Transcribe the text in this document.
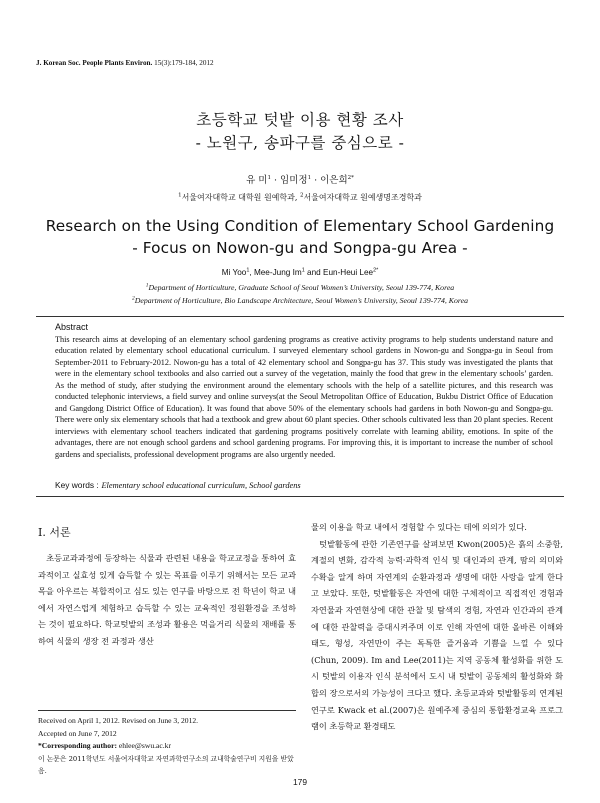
J. Korean Soc. People Plants Environ. 15(3):179-184, 2012
초등학교 텃밭 이용 현황 조사
- 노원구, 송파구를 중심으로 -
유 미$^1$ · 임미정$^1$ · 이은희$^{2*}$
$^1$서울여자대학교 대학원 원예학과, $^2$서울여자대학교 원예생명조경학과
Research on the Using Condition of Elementary School Gardening
- Focus on Nowon-gu and Songpa-gu Area -
Mi Yoo$^1$, Mee-Jung Im$^1$ and Eun-Heui Lee$^{2*}$
$^1$Department of Horticulture, Graduate School of Seoul Women’s University, Seoul 139-774, Korea
$^2$Department of Horticulture, Bio Landscape Architecture, Seoul Women’s University, Seoul 139-774, Korea
Abstract
This research aims at developing of an elementary school gardening programs as creative activity programs to help students understand nature and education related by elementary school educational curriculum. I surveyed elementary school gardens in Nowon-gu and Songpa-gu in Seoul from September-2011 to February-2012. Nowon-gu has a total of 42 elementary school and Songpa-gu has 37. This study was investigated the plants that were in the elementary school textbooks and also carried out a survey of the vegetation, mainly the food that grew in the elementary schools’ garden. As the method of study, after studying the environment around the elementary schools with the help of a satellite pictures, and this research was conducted telephonic interviews, a field survey and online surveys(at the Seoul Metropolitan Office of Education, Bukbu District Office of Education and Gangdong District Office of Education). It was found that above 50% of the elementary schools had gardens in both Nowon-gu and Songpa-gu. There were only six elementary schools that had a textbook and grew about 60 plant species. Other schools cultivated less than 20 plant species. Recent interviews with elementary school teachers indicated that gardening programs positively correlate with learning ability, emotions. In spite of the advantages, there are not enough school gardens and school gardening programs. For improving this, it is important to increase the number of school gardens and specialists, professional development programs are also urgently needed.
Key words : Elementary school educational curriculum, School gardens
Ⅰ. 서론

초등교과과정에 등장하는 식물과 관련된 내용을 학교교정을 통하여 효과적이고 실효성 있게 습득할 수 있는 목표를 이루기 위해서는 모든 교과목을 아우르는 복합적이고 심도 있는 연구를 바탕으로 전 학년이 학교 내에서 자연스럽게 체험하고 습득할 수 있는 교육적인 정원환경을 조성하는 것이 필요하다. 학교텃밭의 조성과 활용은 먹을거리 식물의 재배를 통하여 식물의 생장 전 과정과 생산

물의 이용을 학교 내에서 경험할 수 있다는 데에 의의가 있다.

텃밭활동에 관한 기존연구를 살펴보면 Kwon(2005)은 흙의 소중함, 계절의 변화, 감각적 능력·과학적 인식 및 대인과의 관계, 땀의 의미와 수확을 알게 하며 자연계의 순환과정과 생명에 대한 사랑을 알게 한다고 보았다. 또한, 텃밭활동은 자연에 대한 구체적이고 직접적인 경험과 자연물과 자연현상에 대한 관찰 및 탐색의 경험, 자연과 인간과의 관계에 대한 관찰력을 증대시켜주며 이로 인해 자연에 대한 올바른 이해와 태도, 형성, 자연만이 주는 독특한 즐거움과 기쁨을 느낄 수 있다(Chun, 2009). Im and Lee(2011)는 지역 공동체 활성화를 위한 도시 텃밭의 이용자 인식 분석에서 도시 내 텃밭이 공동체의 활성화와 화합의 장으로서의 가능성이 크다고 했다. 초등교과와 텃밭활동의 연계된 연구로 Kwack et al.(2007)은 원예주제 중심의 통합환경교육 프로그램이 초등학교 환경태도

Received on April 1, 2012. Revised on June 3, 2012.
Accepted on June 7, 2012
*Corresponding author: ehlee@swu.ac.kr
이 논문은 2011학년도 서울여자대학교 자연과학연구소의 교내학술연구비 지원을 받았음.
179
